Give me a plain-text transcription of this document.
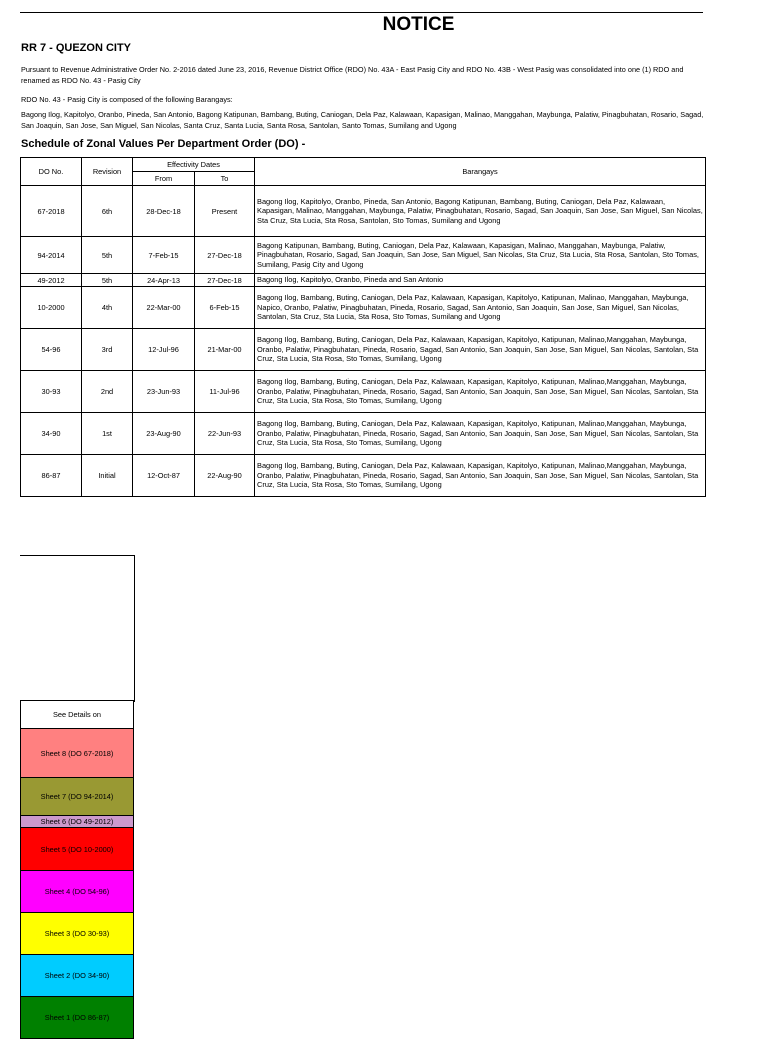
NOTICE
RR 7 - QUEZON CITY
Pursuant to Revenue Administrative Order No. 2-2016 dated June 23, 2016, Revenue District Office (RDO) No. 43A - East Pasig City and RDO No. 43B - West Pasig was consolidated into one (1) RDO and renamed as RDO No. 43 - Pasig City
RDO No. 43 - Pasig City is composed of the following Barangays:
Bagong Ilog, Kapitolyo, Oranbo, Pineda, San Antonio, Bagong Katipunan, Bambang, Buting, Caniogan, Dela Paz, Kalawaan, Kapasigan, Malinao, Manggahan, Maybunga, Palatiw, Pinagbuhatan, Rosario, Sagad, San Joaquin, San Jose, San Miguel, San Nicolas, Santa Cruz, Santa Lucia, Santa Rosa, Santolan, Santo Tomas, Sumilang and Ugong
Schedule of Zonal Values Per Department Order (DO) -
DO No.	Revision	Effectivity Dates		Barangays
		From	To	
67-2018	6th	28-Dec-18	Present	Bagong Ilog, Kapitolyo, Oranbo, Pineda, San Antonio, Bagong Katipunan, Bambang, Buting, Caniogan, Dela Paz, Kalawaan, Kapasigan, Malinao, Manggahan, Maybunga, Palatiw, Pinagbuhatan, Rosario, Sagad, San Joaquin, San Jose, San Miguel, San Nicolas, Sta Cruz, Sta Lucia, Sta Rosa, Santolan, Sto Tomas, Sumilang and Ugong
94-2014	5th	7-Feb-15	27-Dec-18	Bagong Katipunan, Bambang, Buting, Caniogan, Dela Paz, Kalawaan, Kapasigan, Malinao, Manggahan, Maybunga, Palatiw, Pinagbuhatan, Rosario, Sagad, San Joaquin, San Jose, San Miguel, San Nicolas, Sta Cruz, Sta Lucia, Sta Rosa, Santolan, Sto Tomas, Sumilang, Pasig City and Ugong
49-2012	5th	24-Apr-13	27-Dec-18	Bagong Ilog, Kapitolyo, Oranbo, Pineda and San Antonio
10-2000	4th	22-Mar-00	6-Feb-15	Bagong Ilog, Bambang, Buting, Caniogan, Dela Paz, Kalawaan, Kapasigan, Kapitolyo, Katipunan, Malinao, Manggahan, Maybunga, Napico, Oranbo, Palatiw, Pinagbuhatan, Pineda, Rosario, Sagad, San Antonio, San Joaquin, San Jose, San Miguel, San Nicolas, Santolan, Sta Cruz, Sta Lucia, Sta Rosa, Sto Tomas, Sumilang and Ugong
54-96	3rd	12-Jul-96	21-Mar-00	Bagong Ilog, Bambang, Buting, Caniogan, Dela Paz, Kalawaan, Kapasigan, Kapitolyo, Katipunan, Malinao,Manggahan, Maybunga, Oranbo, Palatiw, Pinagbuhatan, Pineda, Rosario, Sagad, San Antonio, San Joaquin, San Jose, San Miguel, San Nicolas, Santolan, Sta Cruz, Sta Lucia, Sta Rosa, Sto Tomas, Sumilang, Ugong
30-93	2nd	23-Jun-93	11-Jul-96	Bagong Ilog, Bambang, Buting, Caniogan, Dela Paz, Kalawaan, Kapasigan, Kapitolyo, Katipunan, Malinao,Manggahan, Maybunga, Oranbo, Palatiw, Pinagbuhatan, Pineda, Rosario, Sagad, San Antonio, San Joaquin, San Jose, San Miguel, San Nicolas, Santolan, Sta Cruz, Sta Lucia, Sta Rosa, Sto Tomas, Sumilang, Ugong
34-90	1st	23-Aug-90	22-Jun-93	Bagong Ilog, Bambang, Buting, Caniogan, Dela Paz, Kalawaan, Kapasigan, Kapitolyo, Katipunan, Malinao,Manggahan, Maybunga, Oranbo, Palatiw, Pinagbuhatan, Pineda, Rosario, Sagad, San Antonio, San Joaquin, San Jose, San Miguel, San Nicolas, Santolan, Sta Cruz, Sta Lucia, Sta Rosa, Sto Tomas, Sumilang, Ugong
86-87	Initial	12-Oct-87	22-Aug-90	Bagong Ilog, Bambang, Buting, Caniogan, Dela Paz, Kalawaan, Kapasigan, Kapitolyo, Katipunan, Malinao,Manggahan, Maybunga, Oranbo, Palatiw, Pinagbuhatan, Pineda, Rosario, Sagad, San Antonio, San Joaquin, San Jose, San Miguel, San Nicolas, Santolan, Sta Cruz, Sta Lucia, Sta Rosa, Sto Tomas, Sumilang, Ugong
See Details on
Sheet 8 (DO 67-2018)
Sheet 7 (DO 94-2014)
Sheet 6 (DO 49-2012)
Sheet 5 (DO 10-2000)
Sheet 4 (DO 54-96)
Sheet 3 (DO 30-93)
Sheet 2 (DO 34-90)
Sheet 1 (DO 86-87)
